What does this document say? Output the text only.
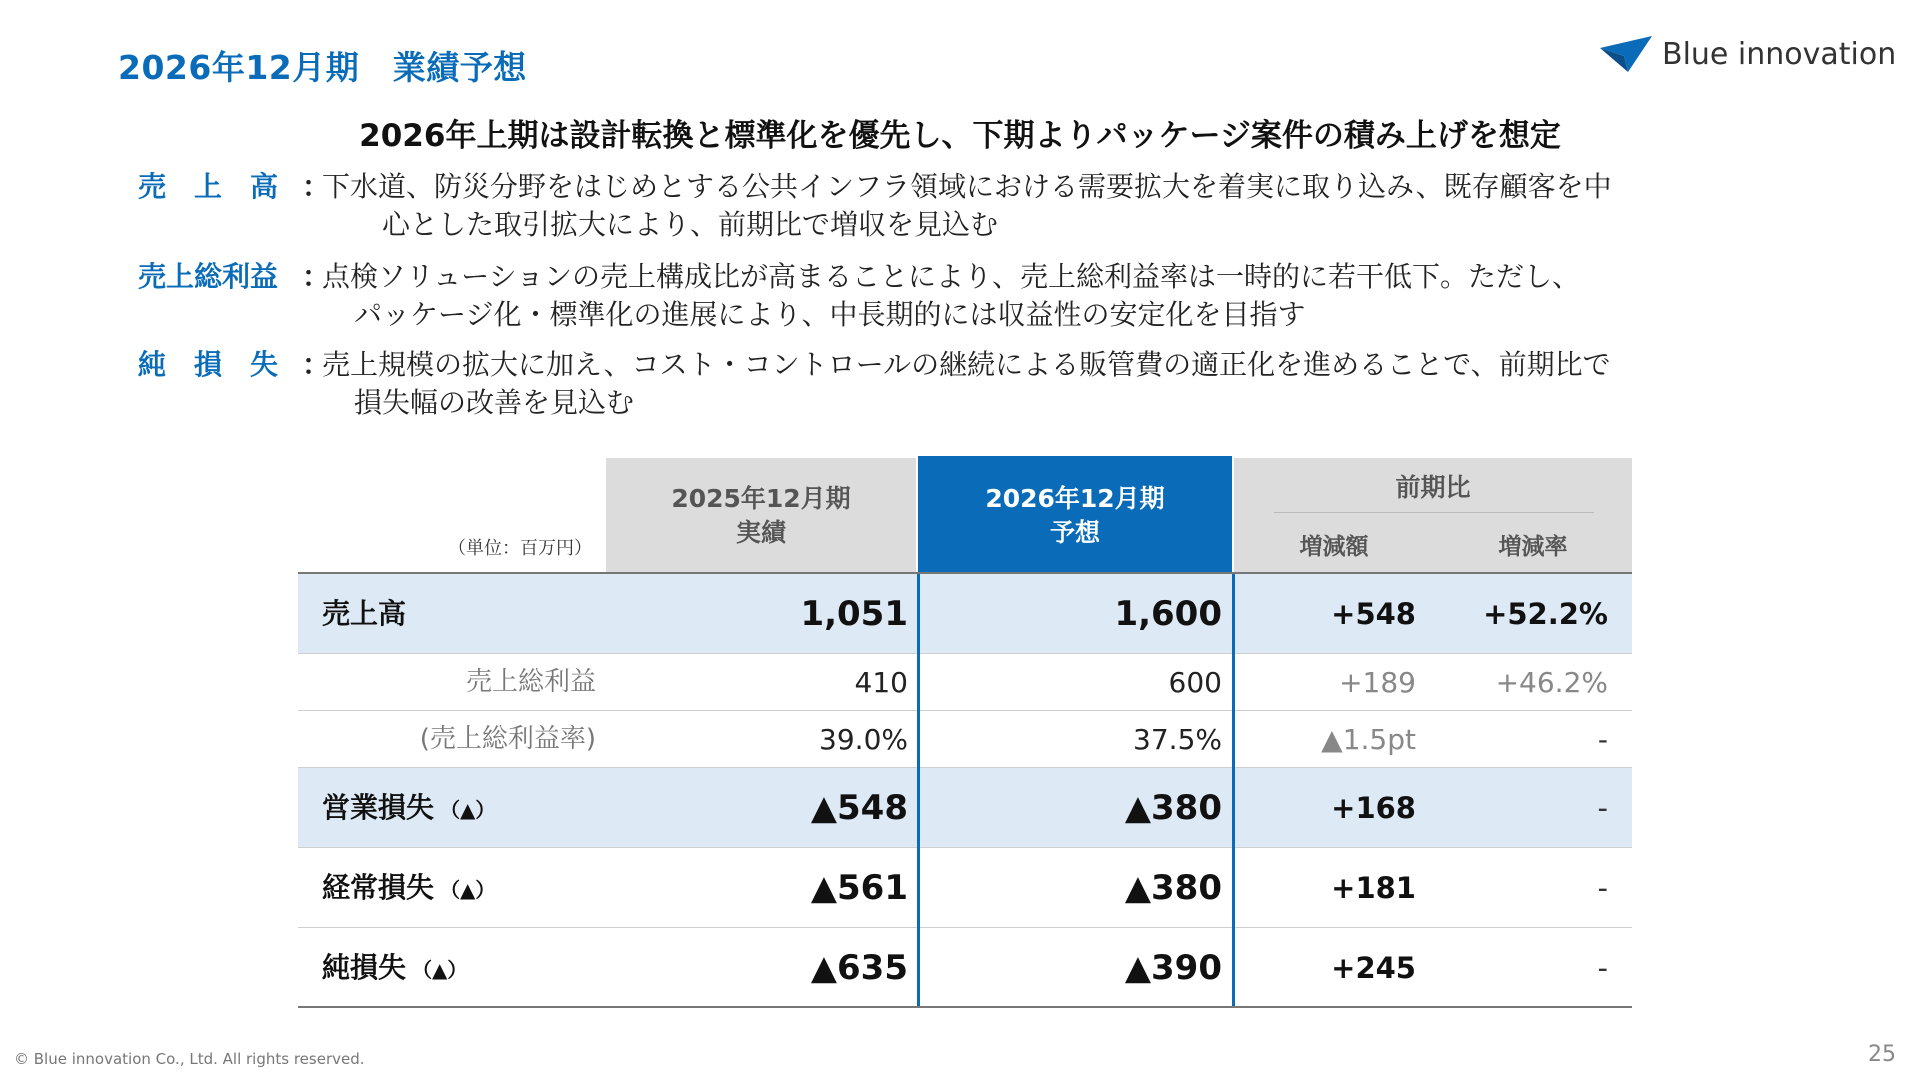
2026年12月期　業績予想	Blue innovation
2026年上期は設計転換と標準化を優先し、下期よりパッケージ案件の積み上げを想定
売　上　高 ：下水道、防災分野をはじめとする公共インフラ領域における需要拡大を着実に取り込み、既存顧客を中
心とした取引拡大により、前期比で増収を見込む
売上総利益 ：点検ソリューションの売上構成比が高まることにより、売上総利益率は一時的に若干低下。ただし、
パッケージ化・標準化の進展により、中長期的には収益性の安定化を目指す
純　損　失 ：売上規模の拡大に加え、コスト・コントロールの継続による販管費の適正化を進めることで、前期比で
損失幅の改善を見込む
（単位：百万円）
2025年12月期
実績
2026年12月期
予想
前期比
増減額	増減率
売上高	1,051	1,600	+548	+52.2%
売上総利益	410	600	+189	+46.2%
(売上総利益率)	39.0%	37.5%	▲1.5pt	-
営業損失 （▲）	▲548	▲380	+168	-
経常損失 （▲）	▲561	▲380	+181	-
純損失 （▲）	▲635	▲390	+245	-
© Blue innovation Co., Ltd. All rights reserved.	25
